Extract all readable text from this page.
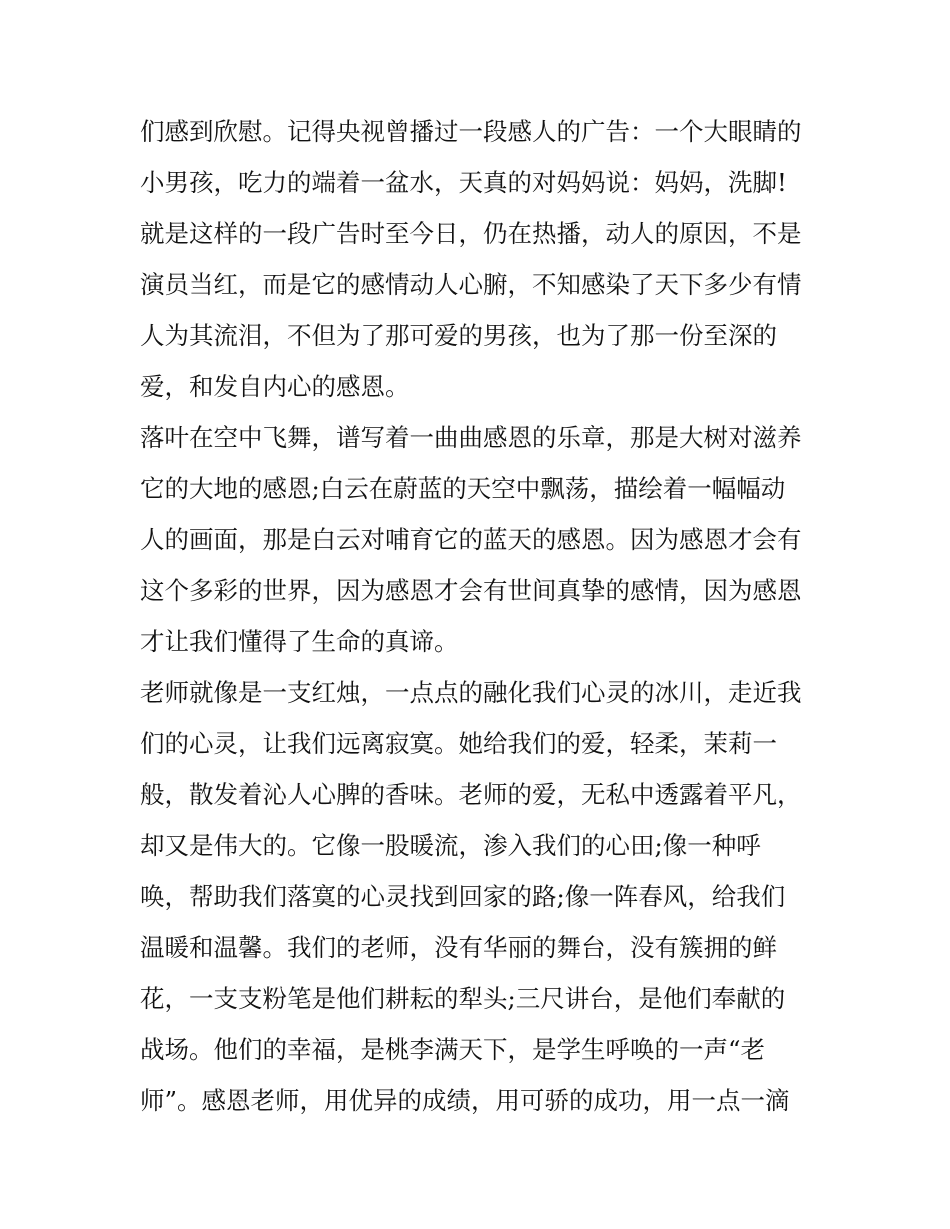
们感到欣慰。记得央视曾播过一段感人的广告：一个大眼睛的
小男孩，吃力的端着一盆水，天真的对妈妈说：妈妈，洗脚!
就是这样的一段广告时至今日，仍在热播，动人的原因，不是
演员当红，而是它的感情动人心腑，不知感染了天下多少有情
人为其流泪，不但为了那可爱的男孩，也为了那一份至深的
爱，和发自内心的感恩。
落叶在空中飞舞，谱写着一曲曲感恩的乐章，那是大树对滋养
它的大地的感恩;白云在蔚蓝的天空中飘荡，描绘着一幅幅动
人的画面，那是白云对哺育它的蓝天的感恩。因为感恩才会有
这个多彩的世界，因为感恩才会有世间真挚的感情，因为感恩
才让我们懂得了生命的真谛。
老师就像是一支红烛，一点点的融化我们心灵的冰川，走近我
们的心灵，让我们远离寂寞。她给我们的爱，轻柔，茉莉一
般，散发着沁人心脾的香味。老师的爱，无私中透露着平凡，
却又是伟大的。它像一股暖流，渗入我们的心田;像一种呼
唤，帮助我们落寞的心灵找到回家的路;像一阵春风，给我们
温暖和温馨。我们的老师，没有华丽的舞台，没有簇拥的鲜
花，一支支粉笔是他们耕耘的犁头;三尺讲台，是他们奉献的
战场。他们的幸福，是桃李满天下，是学生呼唤的一声“老
师”。感恩老师，用优异的成绩，用可骄的成功，用一点一滴
